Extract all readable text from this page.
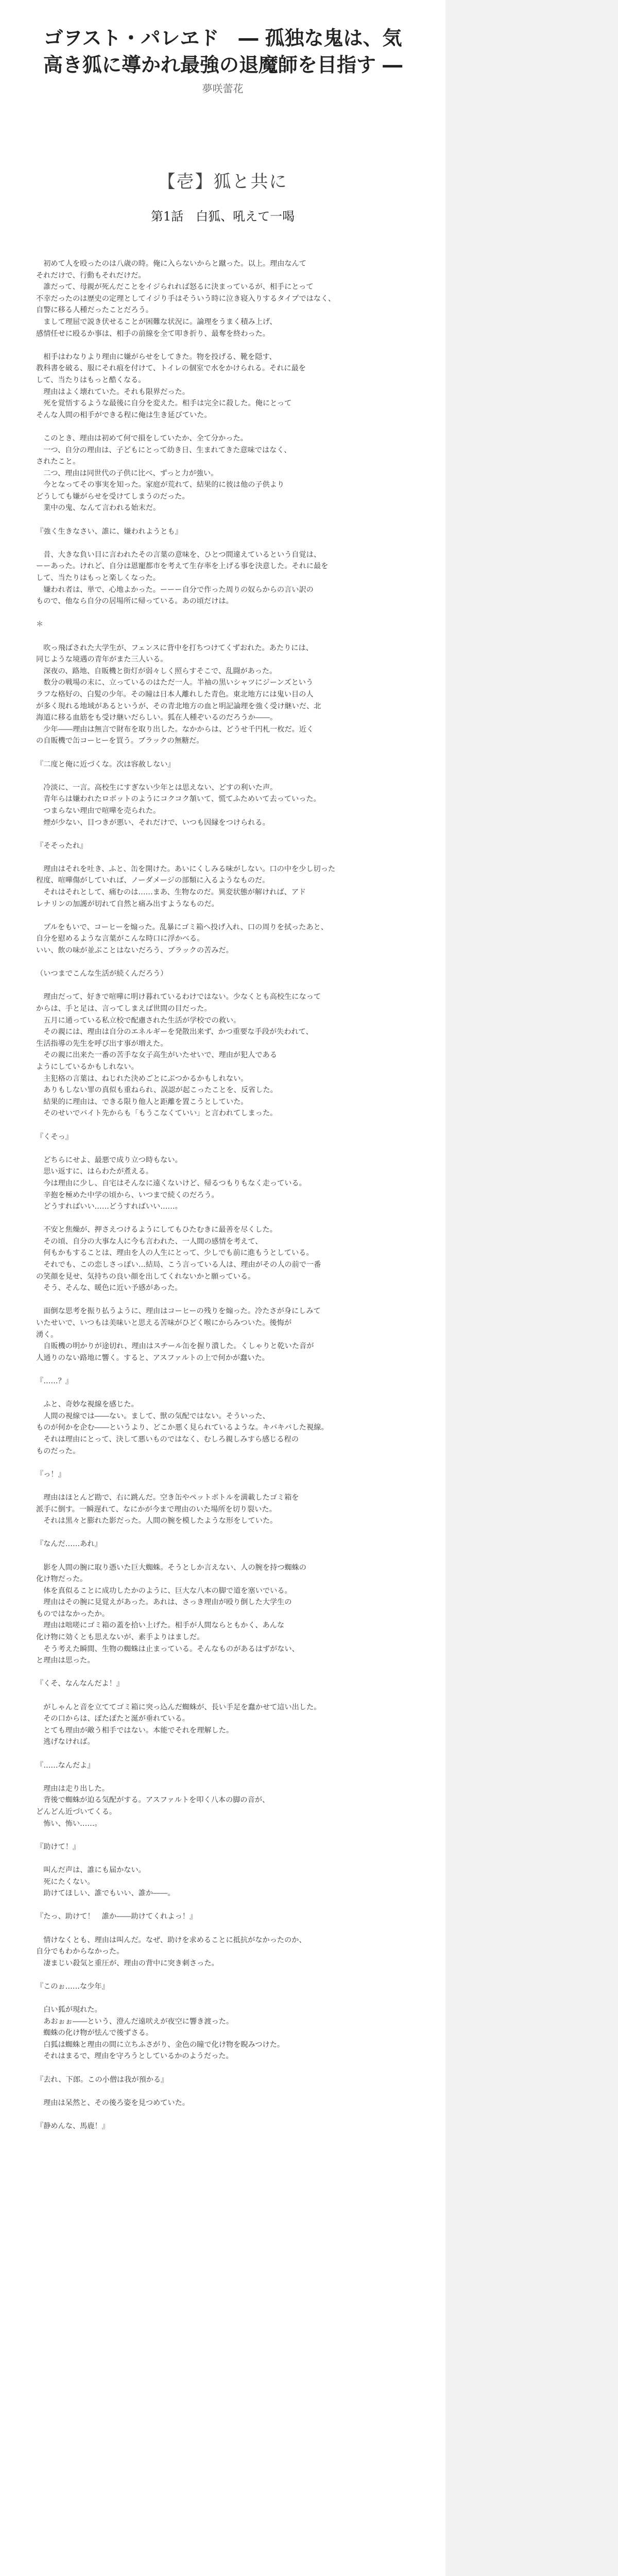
ゴヲスト・パレヱド　― 孤独な鬼は、気高き狐に導かれ最強の退魔師を目指す ―
夢咲蕾花
【壱】狐と共に
第1話　白狐、吼えて一喝

　初めて人を殴ったのは八歳の時。俺に入らないからと蹴った。以上。理由なんて

それだけで、行動もそれだけだ。

　誰だって、母親が死んだことをイジられれば怒るに決まっているが、相手にとって

不幸だったのは歴史の定理としてイジり手はそういう時に泣き寝入りするタイプではなく、

自警に移る人種だったことだろう。

　まして理屈で説き伏せることが困難な状況に。論理をうまく積み上げ、

感情任せに殴るか事は、相手の前線を全て叩き折り、最奪を終わった。

　相手はわなりより理由に嫌がらせをしてきた。物を投げる、靴を隠す、

教科書を破る、服にそれ痕を付けて、トイレの個室で水をかけられる。それに最を

して、当たりはもっと酷くなる。

　理由はよく壊れていた。それも限界だった。

　死を覚悟するような最後に自分を変えた。相手は完全に殺した。俺にとって

そんな人間の相手ができる程に俺は生き延びていた。

　このとき、理由は初めて何で損をしていたか、全て分かった。

　一つ、自分の理由は、子どもにとって幼き日、生まれてきた意味ではなく、

されたこと。

　二つ、理由は同世代の子供に比べ、ずっと力が強い。

　今となってその事実を知った。家庭が荒れて、結果的に彼は他の子供より

どうしても嫌がらせを受けてしまうのだった。

　業中の鬼、なんて言われる始末だ。

『強く生きなさい、誰に、嫌われようとも』

　昔、大きな負い目に言われたその言葉の意味を、ひとつ間違えているという自覚は、

ーーあった。けれど、自分は恩寵都市を考えて生存率を上げる事を決意した。それに最を

して、当たりはもっと楽しくなった。

　嫌われ者は、単で、心地よかった。ーーー自分で作った周りの奴らからの言い訳の

もので、他なら自分の居場所に帰っている。あの頃だけは。

＊

　吹っ飛ばされた大学生が、フェンスに背中を打ちつけてくずおれた。あたりには、

同じような境遇の青年がまた三人いる。

　深夜の、路地、自販機と街灯が弱々しく照らすそこで、乱闘があった。

　数分の戦場の末に、立っているのはただ一人。半袖の黒いシャツにジーンズという

ラフな格好の、白髪の少年。その瞳は日本人離れした青色。東北地方には鬼い目の人

が多く現れる地域があるというが、その青北地方の血と明記論理を強く受け継いだ、北

海道に移る血筋をも受け継いだらしい。狐在人種ぞいるのだろうか――。

　少年――理由は無言で財布を取り出した。なかからは、どうせ千円札一枚だ。近く

の自販機で缶コーヒーを買う。ブラックの無糖だ。

『二度と俺に近づくな。次は容赦しない』

　冷淡に、一言。高校生にすぎない少年とは思えない、どすの利いた声。

　青年らは嫌われたロボットのようにコクコク頷いて、慌てふためいて去っていった。

　つまらない理由で喧嘩を売られた。

　煙が少ない、目つきが悪い、それだけで、いつも因縁をつけられる。

『そそったれ』

　理由はそれを吐き、ふと、缶を開けた。あいにくしみる味がしない。口の中を少し切った

程度、喧嘩傷がしていれば、ノーダメージの部類に入るようなものだ。

　それはそれとして、痛むのは……まあ、生物なのだ。異変状態が解ければ、アド

レナリンの加護が切れて自然と痛み出すようなものだ。

　プルをもいで、コーヒーを煽った。乱暴にゴミ箱へ投げ入れ、口の周りを拭ったあと、

自分を慰めるような言葉がこんな時口に浮かべる。

いい、飲の味が並ぶことはないだろう、ブラックの苦みだ。

（いつまでこんな生活が続くんだろう）

　理由だって、好きで喧嘩に明け暮れているわけではない。少なくとも高校生になって

からは、手と足は、言ってしまえば世間の目だった。

　五月に通っている私立校で配慮された生活が学校での救い。

　その親には、理由は自分のエネルギーを発散出来ず、かつ重要な手段が失われて、

生活指導の先生を呼び出す事が増えた。

　その親に出来た一番の苦手な女子高生がいたせいで、理由が犯人である

ようにしているかもしれない。

　主犯格の言葉は、ねじれた決めごとにぶつかるかもしれない。

　ありもしない罪の真似も重ねられ、誤認が起こったことを、反省した。

　結果的に理由は、できる限り他人と距離を置こうとしていた。

　そのせいでバイト先からも「もうこなくていい」と言われてしまった。

『くそっ』

　どちらにせよ、最悪で成り立つ時もない。

　思い返すに、はらわたが煮える。

　今は理由に少し、自宅はそんなに遠くないけど、帰るつもりもなく走っている。

　辛抱を極めた中学の頃から、いつまで続くのだろう。

　どうすればいい……どうすればいい……。

　不安と焦燥が、押さえつけるようにしてもひたむきに最善を尽くした。

　その頃、自分の大事な人に今も言われた、一人間の感情を考えて、

　何もかもすることは、理由を人の人生にとって、少しでも前に進もうとしている。

　それでも、この恋しさっぽい…結局、こう言っている人は、理由がその人の前で一番

の笑顔を見せ、気持ちの良い顔を出してくれないかと願っている。

　そう、そんな、暖色に近い予感があった。

　面倒な思考を振り払うように、理由はコーヒーの残りを煽った。冷たさが身にしみて

いたせいで、いつもは美味いと思える苦味がひどく喉にからみついた。後悔が

湧く。

　自販機の明かりが途切れ、理由はスチール缶を握り潰した。くしゃりと乾いた音が

人通りのない路地に響く。すると、アスファルトの上で何かが蠢いた。

『……？』

　ふと、奇妙な視線を感じた。

　人間の視線では――ない。まして、獣の気配ではない。そういった、

ものが何かを企む――というより、どこか悪く見られているような。キバキバした視線。

　それは理由にとって、決して悪いものではなく、むしろ親しみすら感じる程の

ものだった。

『っ！』

　理由はほとんど勘で、右に跳んだ。空き缶やペットボトルを満載したゴミ箱を

派手に倒す。一瞬遅れて、なにかが今まで理由のいた場所を切り裂いた。

　それは黒々と膨れた影だった。人間の腕を模したような形をしていた。

『なんだ……あれ』

　影を人間の腕に取り憑いた巨大蜘蛛。そうとしか言えない、人の腕を持つ蜘蛛の

化け物だった。

　体を真似ることに成功したかのように、巨大な八本の脚で道を塞いでいる。

　理由はその腕に見覚えがあった。あれは、さっき理由が殴り倒した大学生の

ものではなかったか。

　理由は咄嗟にゴミ箱の蓋を拾い上げた。相手が人間ならともかく、あんな

化け物に効くとも思えないが、素手よりはましだ。

　そう考えた瞬間、生物の蜘蛛は止まっている。そんなものがあるはずがない、

と理由は思った。

『くそ、なんなんだよ！』

　がしゃんと音を立ててゴミ箱に突っ込んだ蜘蛛が、長い手足を蠢かせて這い出した。

　その口からは、ぽたぽたと涎が垂れている。

　とても理由が敵う相手ではない。本能でそれを理解した。

　逃げなければ。

『……なんだよ』

　理由は走り出した。

　背後で蜘蛛が迫る気配がする。アスファルトを叩く八本の脚の音が、

どんどん近づいてくる。

　怖い、怖い……。

『助けて！』

　叫んだ声は、誰にも届かない。

　死にたくない。

　助けてほしい、誰でもいい、誰か――。

『たっ、助けて！　誰か――助けてくれよっ！』

　情けなくとも、理由は叫んだ。なぜ、助けを求めることに抵抗がなかったのか、

自分でもわからなかった。

　凄まじい殺気と重圧が、理由の背中に突き刺さった。

『このぉ……な少年』

　白い狐が現れた。

　あおぉぉ――という、澄んだ遠吠えが夜空に響き渡った。

　蜘蛛の化け物が怯んで後ずさる。

　白狐は蜘蛛と理由の間に立ちふさがり、金色の瞳で化け物を睨みつけた。

　それはまるで、理由を守ろうとしているかのようだった。

『去れ、下郎。この小僧は我が預かる』

　理由は呆然と、その後ろ姿を見つめていた。

『静めんな、馬鹿！』
